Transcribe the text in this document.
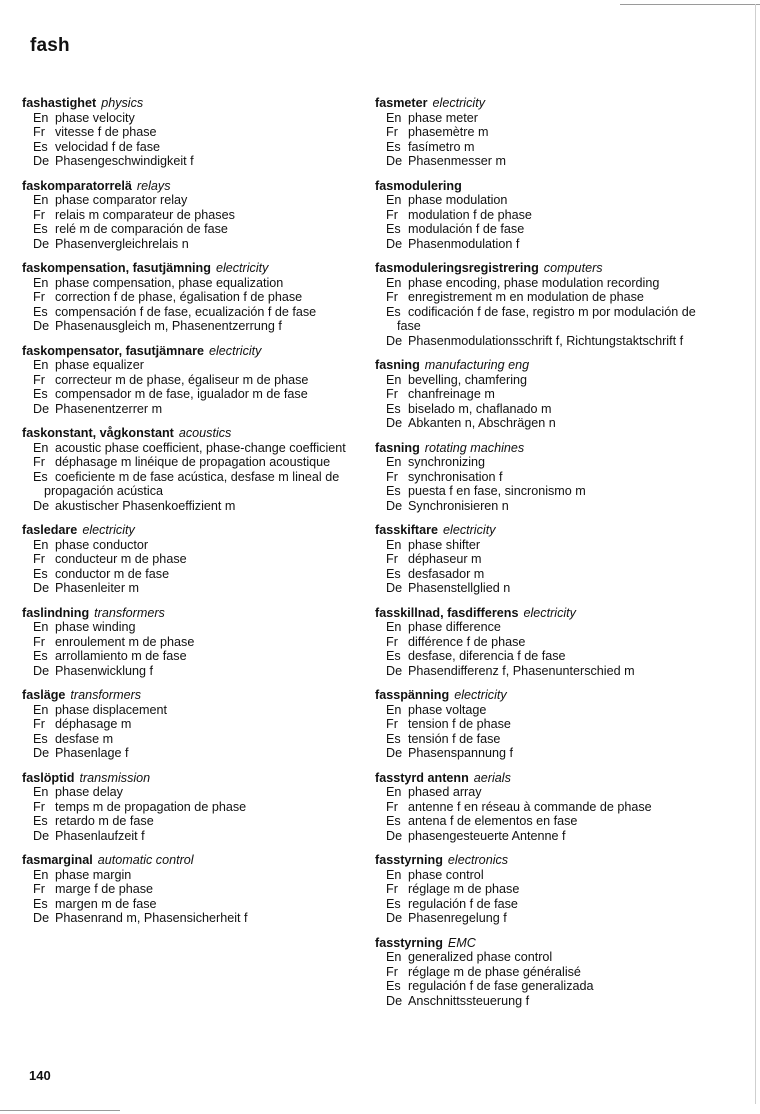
fash
fashastighet physics
En phase velocity
Fr vitesse f de phase
Es velocidad f de fase
De Phasengeschwindigkeit f
faskomparatorrelä relays
En phase comparator relay
Fr relais m comparateur de phases
Es relé m de comparación de fase
De Phasenvergleichrelais n
faskompensation, fasutjämning electricity
En phase compensation, phase equalization
Fr correction f de phase, égalisation f de phase
Es compensación f de fase, ecualización f de fase
De Phasenausgleich m, Phasenentzerrung f
faskompensator, fasutjämnare electricity
En phase equalizer
Fr correcteur m de phase, égaliseur m de phase
Es compensador m de fase, igualador m de fase
De Phasenentzerrer m
faskonstant, vågkonstant acoustics
En acoustic phase coefficient, phase-change coefficient
Fr déphasage m linéique de propagation acoustique
Es coeficiente m de fase acústica, desfase m lineal de propagación acústica
De akustischer Phasenkoeffizient m
fasledare electricity
En phase conductor
Fr conducteur m de phase
Es conductor m de fase
De Phasenleiter m
faslindning transformers
En phase winding
Fr enroulement m de phase
Es arrollamiento m de fase
De Phasenwicklung f
fasläge transformers
En phase displacement
Fr déphasage m
Es desfase m
De Phasenlage f
faslöptid transmission
En phase delay
Fr temps m de propagation de phase
Es retardo m de fase
De Phasenlaufzeit f
fasmarginal automatic control
En phase margin
Fr marge f de phase
Es margen m de fase
De Phasenrand m, Phasensicherheit f
fasmeter electricity
En phase meter
Fr phasemètre m
Es fasímetro m
De Phasenmesser m
fasmodulering
En phase modulation
Fr modulation f de phase
Es modulación f de fase
De Phasenmodulation f
fasmoduleringsregistrering computers
En phase encoding, phase modulation recording
Fr enregistrement m en modulation de phase
Es codificación f de fase, registro m por modulación de fase
De Phasenmodulationsschrift f, Richtungstaktschrift f
fasning manufacturing eng
En bevelling, chamfering
Fr chanfreinage m
Es biselado m, chaflanado m
De Abkanten n, Abschrägen n
fasning rotating machines
En synchronizing
Fr synchronisation f
Es puesta f en fase, sincronismo m
De Synchronisieren n
fasskiftare electricity
En phase shifter
Fr déphaseur m
Es desfasador m
De Phasenstellglied n
fasskillnad, fasdifferens electricity
En phase difference
Fr différence f de phase
Es desfase, diferencia f de fase
De Phasendifferenz f, Phasenunterschied m
fasspänning electricity
En phase voltage
Fr tension f de phase
Es tensión f de fase
De Phasenspannung f
fasstyrd antenn aerials
En phased array
Fr antenne f en réseau à commande de phase
Es antena f de elementos en fase
De phasengesteuerte Antenne f
fasstyrning electronics
En phase control
Fr réglage m de phase
Es regulación f de fase
De Phasenregelung f
fasstyrning EMC
En generalized phase control
Fr réglage m de phase généralisé
Es regulación f de fase generalizada
De Anschnittssteuerung f
140
